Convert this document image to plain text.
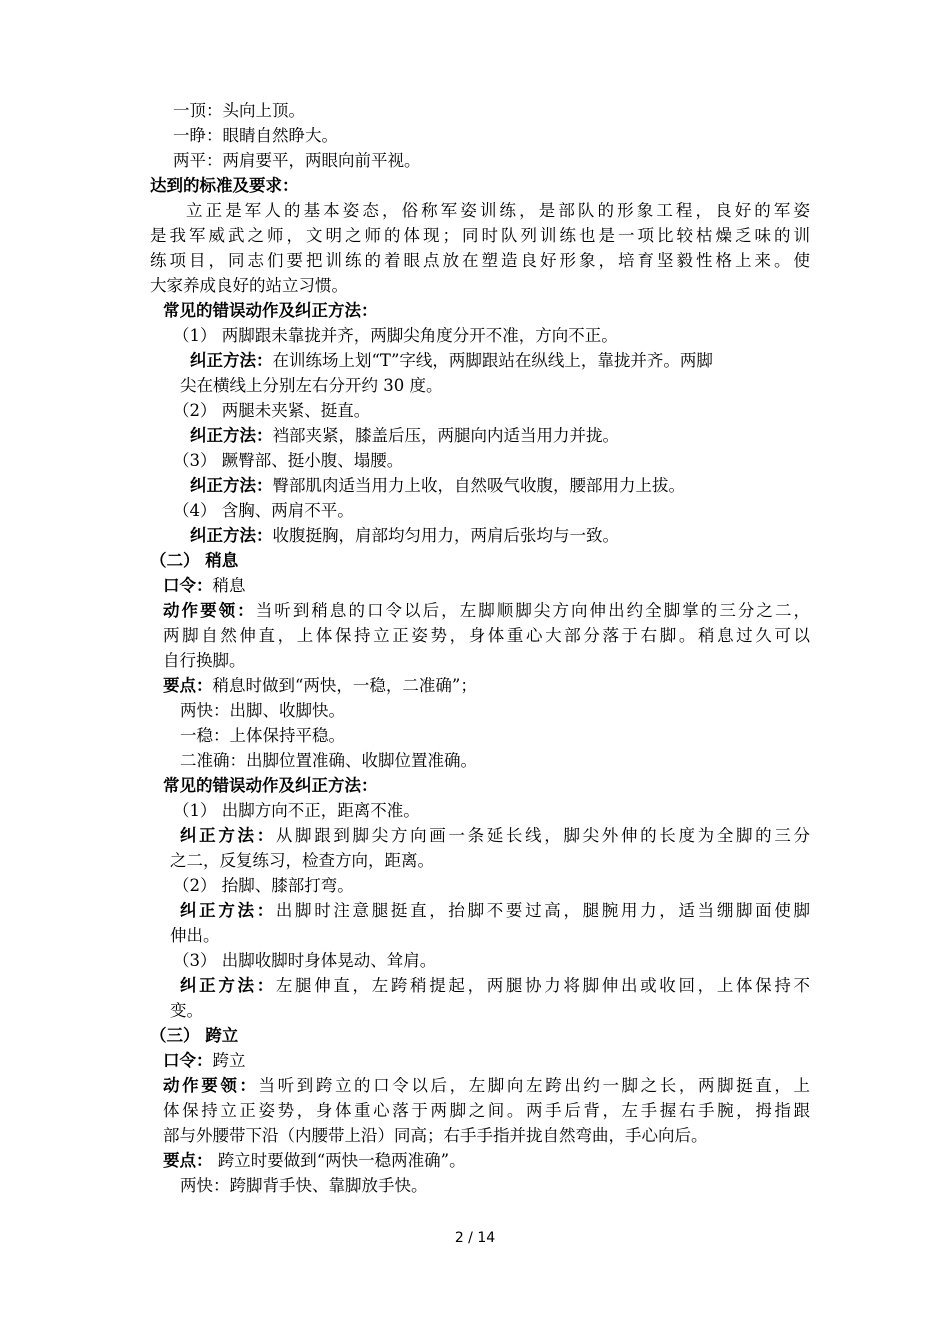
一顶：头向上顶。
一睁：眼睛自然睁大。
两平：两肩要平，两眼向前平视。
达到的标准及要求：
立正是军人的基本姿态，俗称军姿训练，是部队的形象工程，良好的军姿
是我军威武之师，文明之师的体现；同时队列训练也是一项比较枯燥乏味的训
练项目，同志们要把训练的着眼点放在塑造良好形象，培育坚毅性格上来。使
大家养成良好的站立习惯。
常见的错误动作及纠正方法：
（1） 两脚跟未靠拢并齐，两脚尖角度分开不准，方向不正。
纠正方法：在训练场上划“T”字线，两脚跟站在纵线上，靠拢并齐。两脚
尖在横线上分别左右分开约 30 度。
（2） 两腿未夹紧、挺直。
纠正方法：裆部夹紧，膝盖后压，两腿向内适当用力并拢。
（3） 蹶臀部、挺小腹、塌腰。
纠正方法：臀部肌肉适当用力上收，自然吸气收腹，腰部用力上拔。
（4） 含胸、两肩不平。
纠正方法：收腹挺胸，肩部均匀用力，两肩后张均与一致。
（二） 稍息
口令：稍息
动作要领：当听到稍息的口令以后，左脚顺脚尖方向伸出约全脚掌的三分之二，
两脚自然伸直，上体保持立正姿势，身体重心大部分落于右脚。稍息过久可以
自行换脚。
要点：稍息时做到“两快，一稳，二准确”；
两快：出脚、收脚快。
一稳：上体保持平稳。
二准确：出脚位置准确、收脚位置准确。
常见的错误动作及纠正方法：
（1） 出脚方向不正，距离不准。
纠正方法：从脚跟到脚尖方向画一条延长线，脚尖外伸的长度为全脚的三分
之二，反复练习，检查方向，距离。
（2） 抬脚、膝部打弯。
纠正方法：出脚时注意腿挺直，抬脚不要过高，腿腕用力，适当绷脚面使脚
伸出。
（3） 出脚收脚时身体晃动、耸肩。
纠正方法：左腿伸直，左跨稍提起，两腿协力将脚伸出或收回，上体保持不
变。
（三） 跨立
口令：跨立
动作要领：当听到跨立的口令以后，左脚向左跨出约一脚之长，两脚挺直，上
体保持立正姿势，身体重心落于两脚之间。两手后背，左手握右手腕，拇指跟
部与外腰带下沿（内腰带上沿）同高；右手手指并拢自然弯曲，手心向后。
要点： 跨立时要做到“两快一稳两准确”。
两快：跨脚背手快、靠脚放手快。
2 / 14
